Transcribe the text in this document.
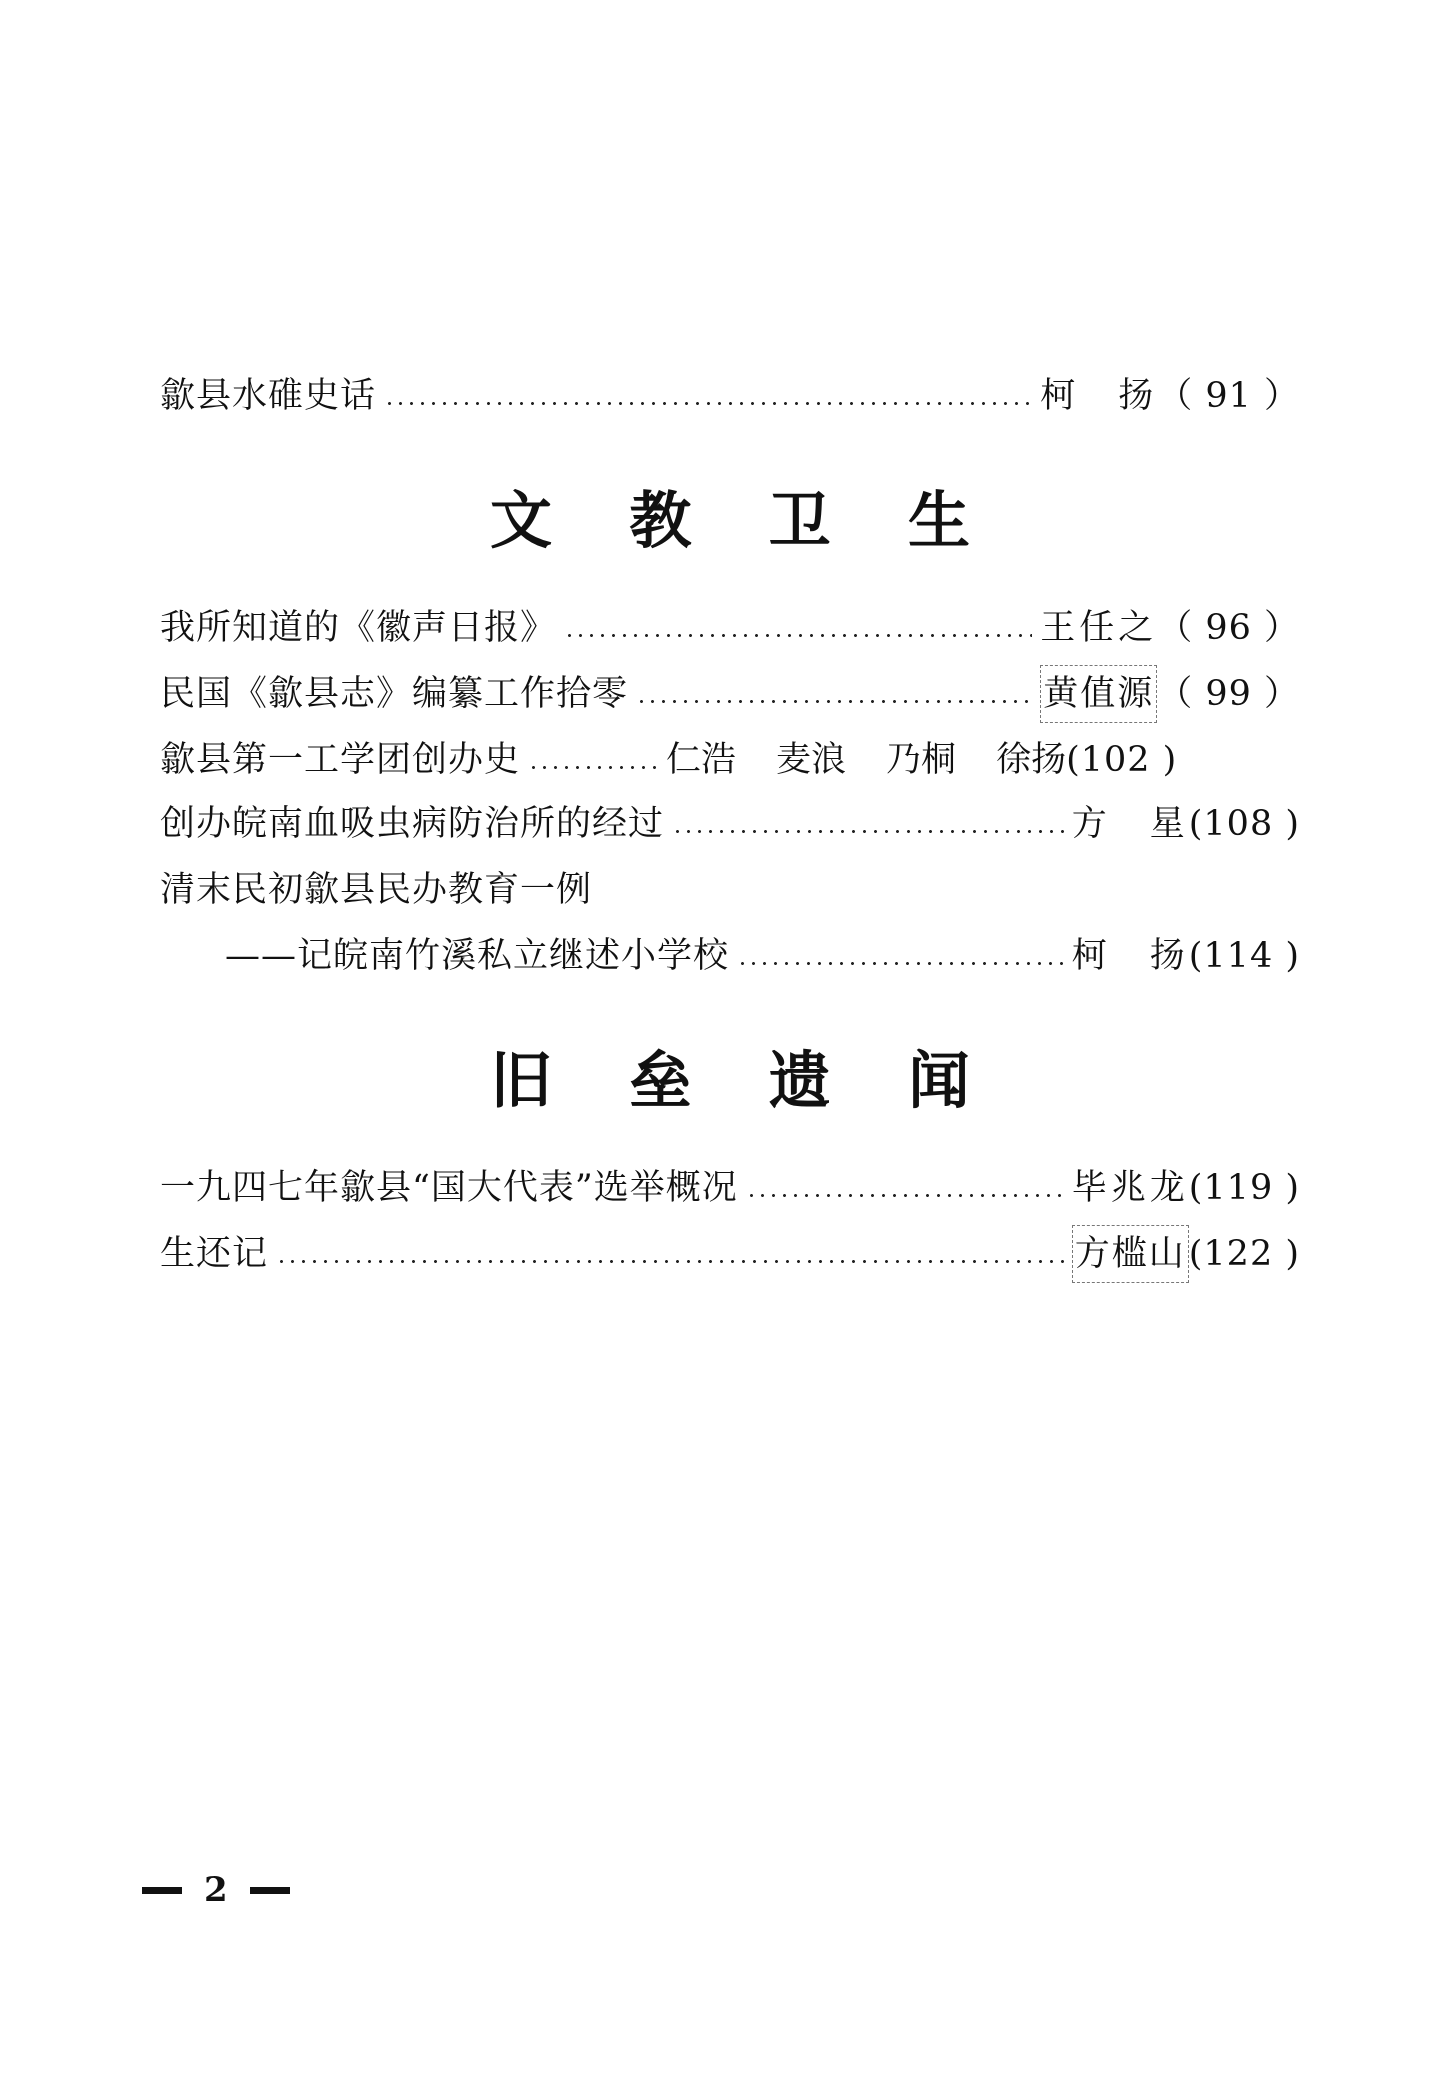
歙县水碓史话	柯　扬 （ 91 ）
文 教 卫 生
我所知道的《徽声日报》	王任之 （ 96 ）
民国《歙县志》编纂工作拾零	黄值源 （ 99 ）
歙县第一工学团创办史	仁浩 麦浪 乃桐 徐扬 (102 )
创办皖南血吸虫病防治所的经过	方　星 (108 )
清末民初歙县民办教育一例
——记皖南竹溪私立继述小学校	柯　扬 (114 )
旧 垒 遗 闻
一九四七年歙县“国大代表”选举概况	毕兆龙 (119 )
生还记	方槛山 (122 )
2
